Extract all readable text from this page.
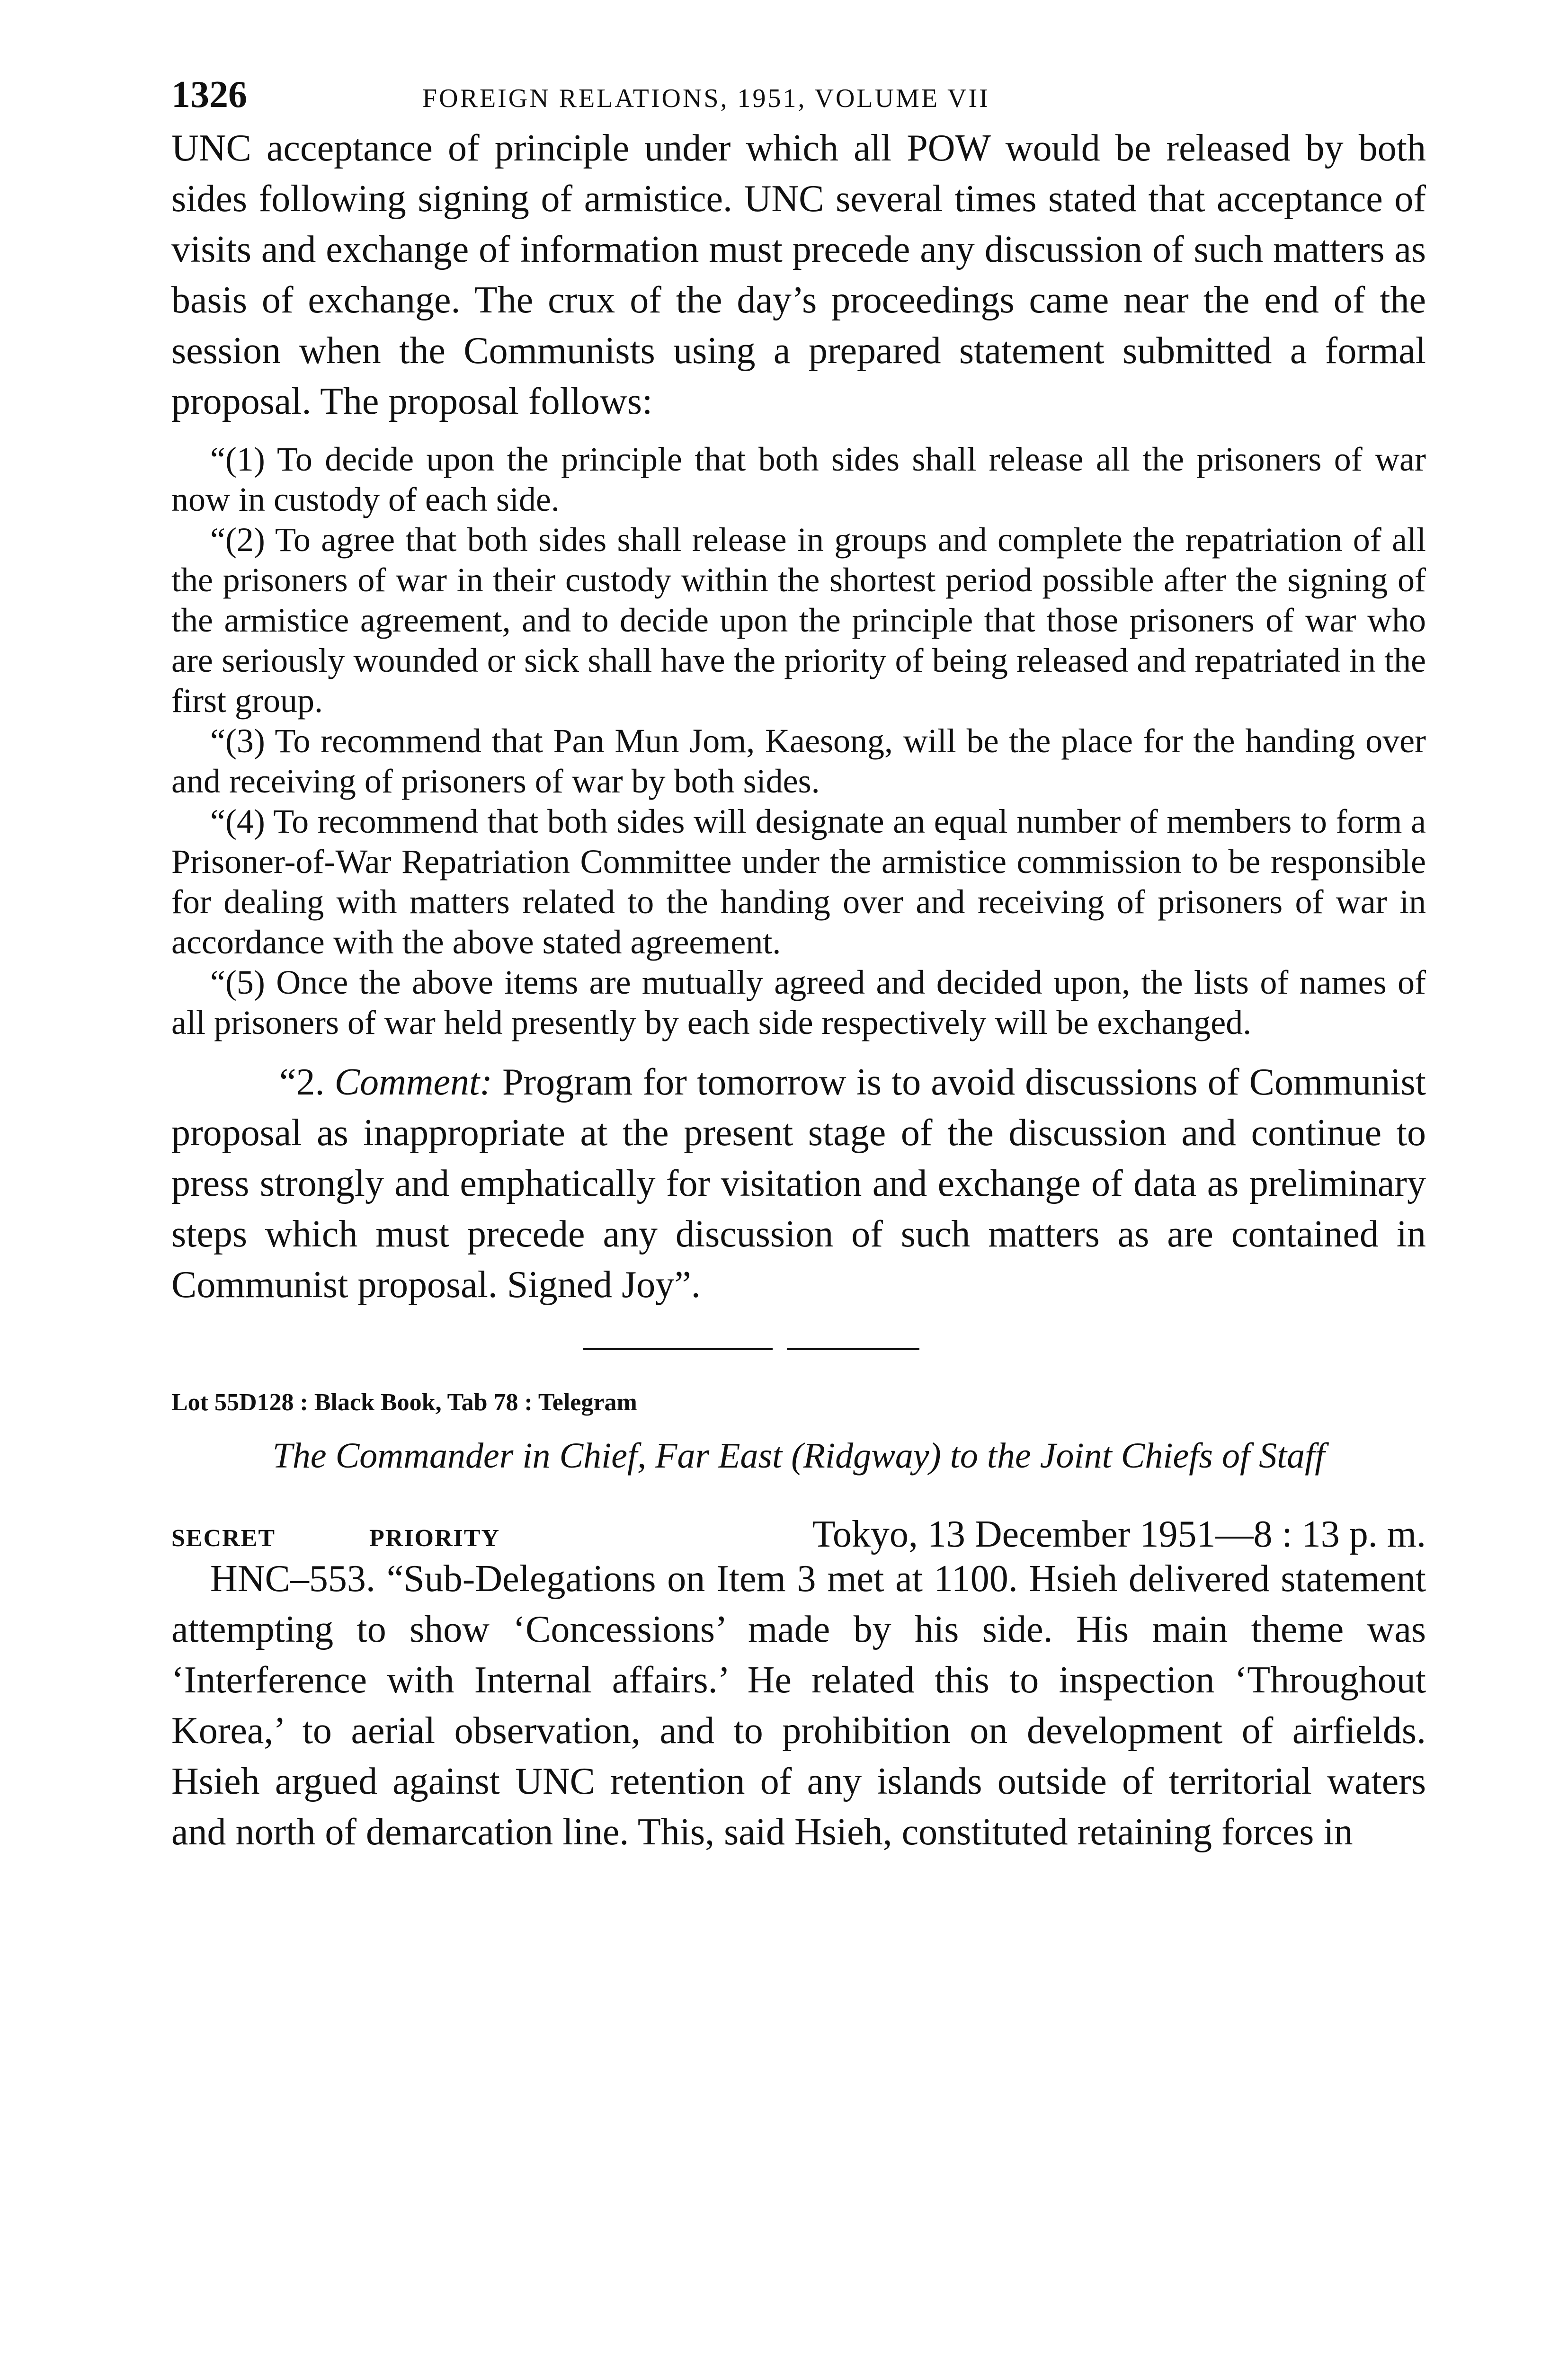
1326	FOREIGN RELATIONS, 1951, VOLUME VII

UNC acceptance of principle under which all POW would be released by both sides following signing of armistice. UNC several times stated that acceptance of visits and exchange of information must precede any discussion of such matters as basis of exchange. The crux of the day’s proceedings came near the end of the session when the Communists using a prepared statement submitted a formal proposal. The proposal follows:

“(1) To decide upon the principle that both sides shall release all the prisoners of war now in custody of each side.

“(2) To agree that both sides shall release in groups and complete the repatriation of all the prisoners of war in their custody within the shortest period possible after the signing of the armistice agreement, and to decide upon the principle that those prisoners of war who are seriously wounded or sick shall have the priority of being released and repatriated in the first group.

“(3) To recommend that Pan Mun Jom, Kaesong, will be the place for the handing over and receiving of prisoners of war by both sides.

“(4) To recommend that both sides will designate an equal number of members to form a Prisoner-of-War Repatriation Committee under the armistice commission to be responsible for dealing with matters related to the handing over and receiving of prisoners of war in accordance with the above stated agreement.

“(5) Once the above items are mutually agreed and decided upon, the lists of names of all prisoners of war held presently by each side respectively will be exchanged.

“2. Comment: Program for tomorrow is to avoid discussions of Communist proposal as inappropriate at the present stage of the discussion and continue to press strongly and emphatically for visitation and exchange of data as preliminary steps which must precede any discussion of such matters as are contained in Communist proposal. Signed Joy”.

Lot 55D128 : Black Book, Tab 78 : Telegram
The Commander in Chief, Far East (Ridgway) to the Joint Chiefs of Staff
SECRET	PRIORITY	Tokyo, 13 December 1951—8 : 13 p. m.

HNC–553. “Sub-Delegations on Item 3 met at 1100. Hsieh delivered statement attempting to show ‘Concessions’ made by his side. His main theme was ‘Interference with Internal affairs.’ He related this to inspection ‘Throughout Korea,’ to aerial observation, and to prohibition on development of airfields. Hsieh argued against UNC retention of any islands outside of territorial waters and north of demarcation line. This, said Hsieh, constituted retaining forces in
